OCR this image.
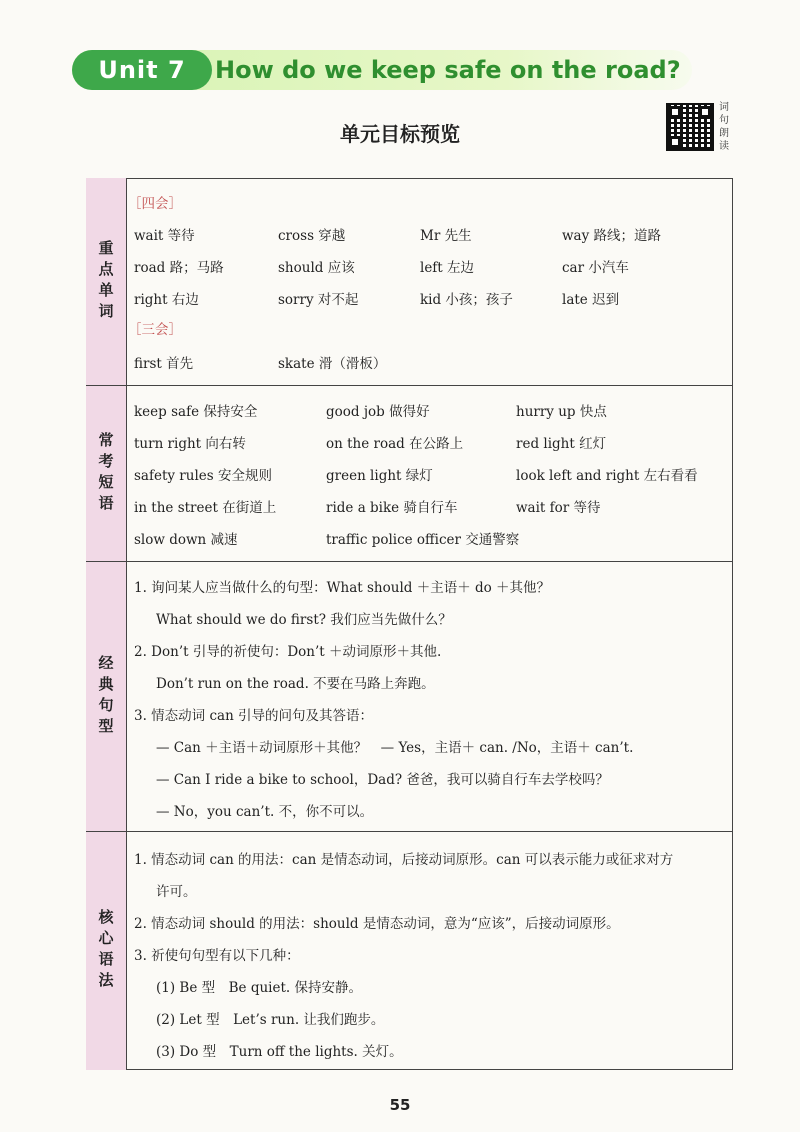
Unit 7	How do we keep safe on the road?
单元目标预览
词
句
朗
读
重点单词
［四会］
wait 等待	cross 穿越	Mr 先生	way 路线；道路
road 路；马路	should 应该	left 左边	car 小汽车
right 右边	sorry 对不起	kid 小孩；孩子	late 迟到
［三会］
first 首先	skate 滑（滑板）
常考短语
keep safe 保持安全	good job 做得好	hurry up 快点
turn right 向右转	on the road 在公路上	red light 红灯
safety rules 安全规则	green light 绿灯	look left and right 左右看看
in the street 在街道上	ride a bike 骑自行车	wait for 等待
slow down 减速	traffic police officer 交通警察
经典句型
1. 询问某人应当做什么的句型：What should ＋主语＋ do ＋其他？
What should we do first? 我们应当先做什么？
2. Don’t 引导的祈使句：Don’t ＋动词原形＋其他.
Don’t run on the road. 不要在马路上奔跑。
3. 情态动词 can 引导的问句及其答语：
— Can ＋主语＋动词原形＋其他？　— Yes，主语＋ can. /No，主语＋ can’t.
— Can I ride a bike to school，Dad? 爸爸，我可以骑自行车去学校吗？
— No，you can’t. 不，你不可以。
核心语法
1. 情态动词 can 的用法：can 是情态动词，后接动词原形。can 可以表示能力或征求对方
许可。
2. 情态动词 should 的用法：should 是情态动词，意为“应该”，后接动词原形。
3. 祈使句句型有以下几种：
(1) Be 型　Be quiet. 保持安静。
(2) Let 型　Let’s run. 让我们跑步。
(3) Do 型　Turn off the lights. 关灯。
55
